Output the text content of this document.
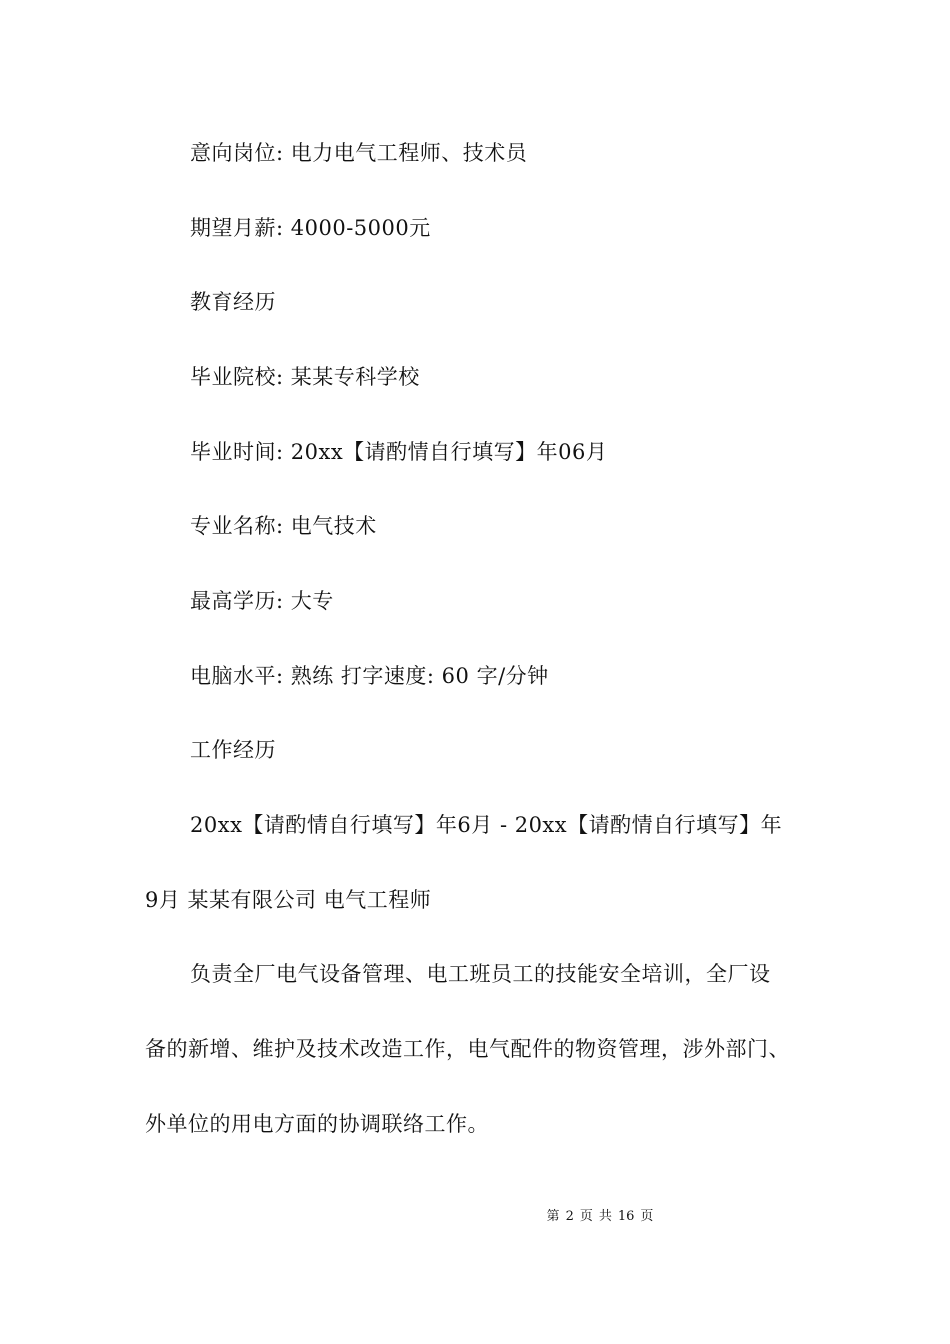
意向岗位: 电力电气工程师、技术员
期望月薪: 4000-5000元
教育经历
毕业院校: 某某专科学校
毕业时间: 20xx【请酌情自行填写】年06月
专业名称: 电气技术
最高学历: 大专
电脑水平: 熟练 打字速度: 60 字/分钟
工作经历
20xx【请酌情自行填写】年6月 - 20xx【请酌情自行填写】年
9月 某某有限公司 电气工程师
负责全厂电气设备管理、电工班员工的技能安全培训，全厂设
备的新增、维护及技术改造工作，电气配件的物资管理，涉外部门、
外单位的用电方面的协调联络工作。
第 2 页 共 16 页
